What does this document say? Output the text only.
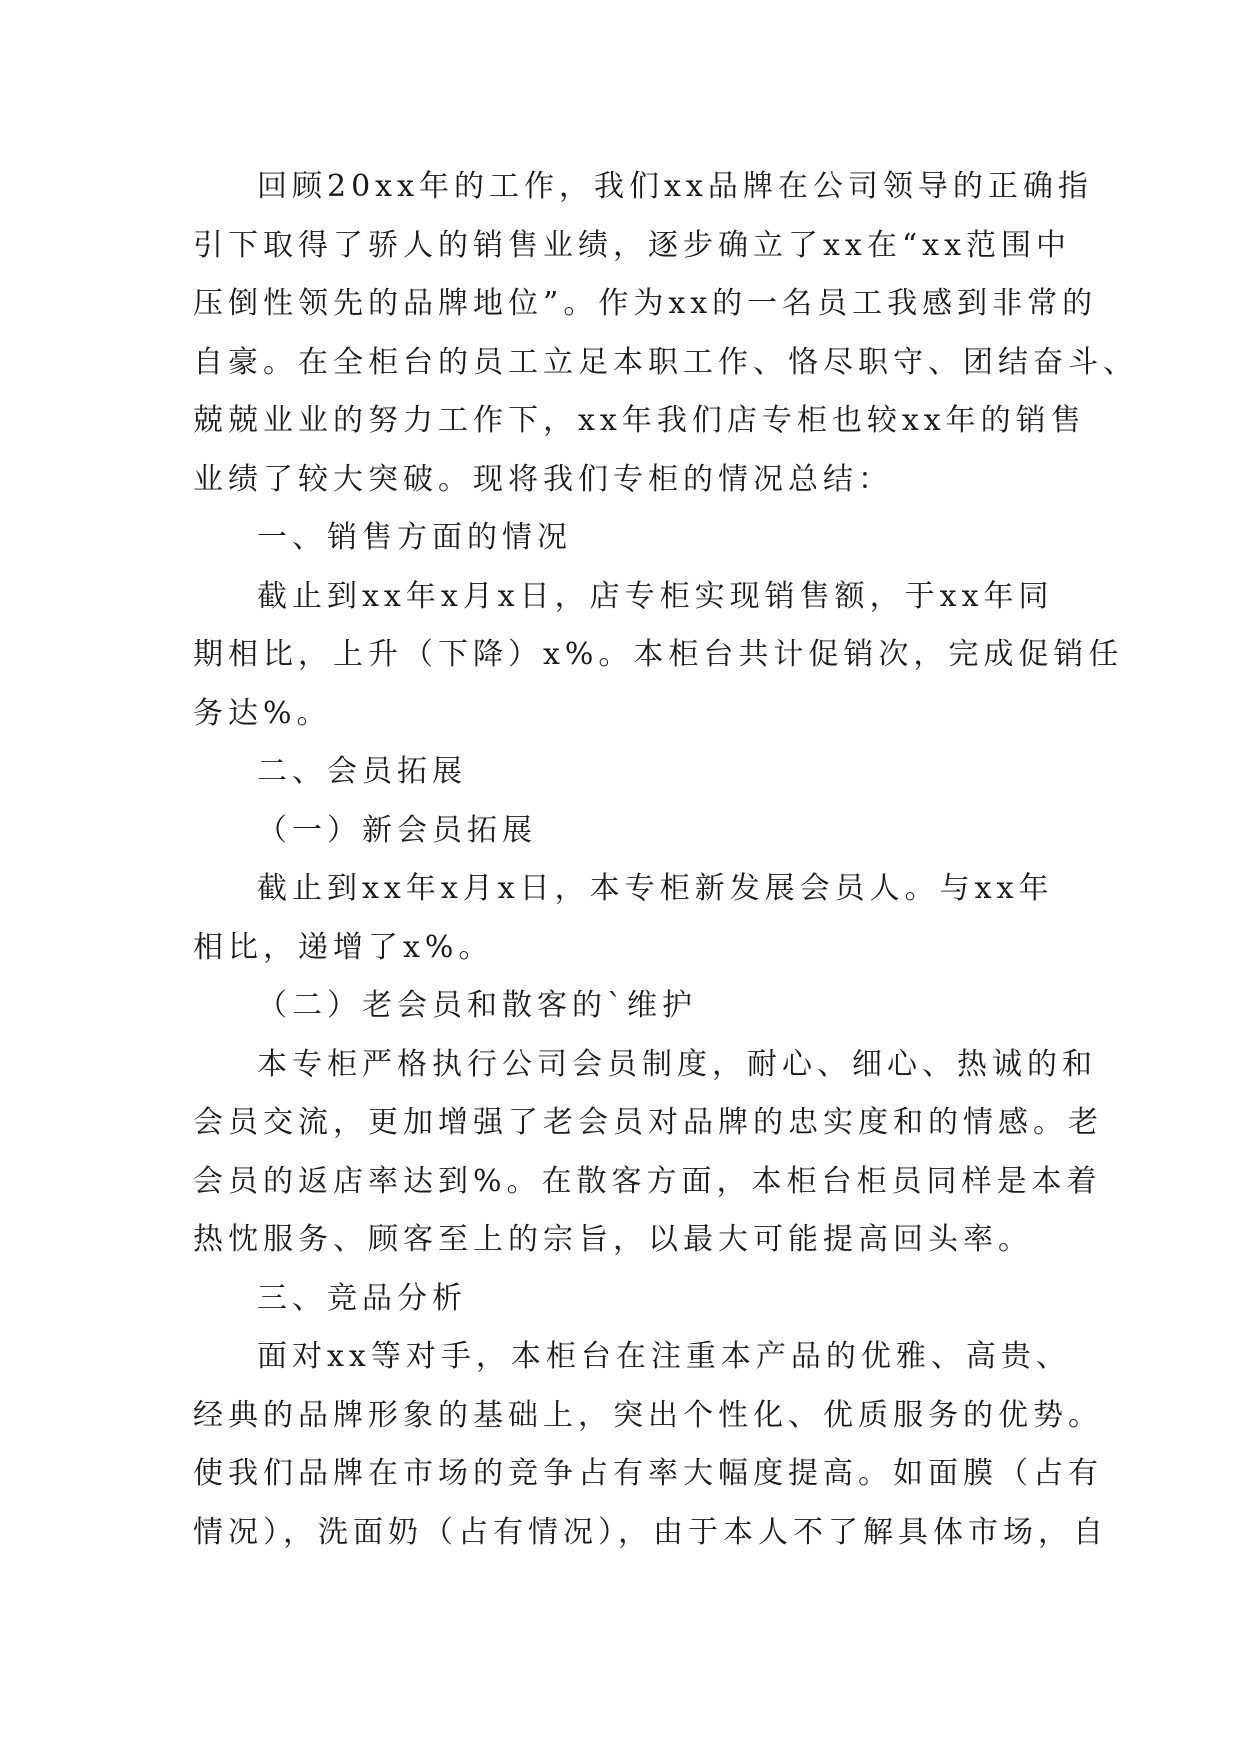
回顾20xx年的工作，我们xx品牌在公司领导的正确指
引下取得了骄人的销售业绩，逐步确立了xx在“xx范围中
压倒性领先的品牌地位”。作为xx的一名员工我感到非常的
自豪。在全柜台的员工立足本职工作、恪尽职守、团结奋斗、
兢兢业业的努力工作下，xx年我们店专柜也较xx年的销售
业绩了较大突破。现将我们专柜的情况总结：
一、销售方面的情况
截止到xx年x月x日，店专柜实现销售额，于xx年同
期相比，上升（下降）x%。本柜台共计促销次，完成促销任
务达%。
二、会员拓展
（一）新会员拓展
截止到xx年x月x日，本专柜新发展会员人。与xx年
相比，递增了x%。
（二）老会员和散客的`维护
本专柜严格执行公司会员制度，耐心、细心、热诚的和
会员交流，更加增强了老会员对品牌的忠实度和的情感。老
会员的返店率达到%。在散客方面，本柜台柜员同样是本着
热忱服务、顾客至上的宗旨，以最大可能提高回头率。
三、竞品分析
面对xx等对手，本柜台在注重本产品的优雅、高贵、
经典的品牌形象的基础上，突出个性化、优质服务的优势。
使我们品牌在市场的竞争占有率大幅度提高。如面膜（占有
情况），洗面奶（占有情况），由于本人不了解具体市场，自
